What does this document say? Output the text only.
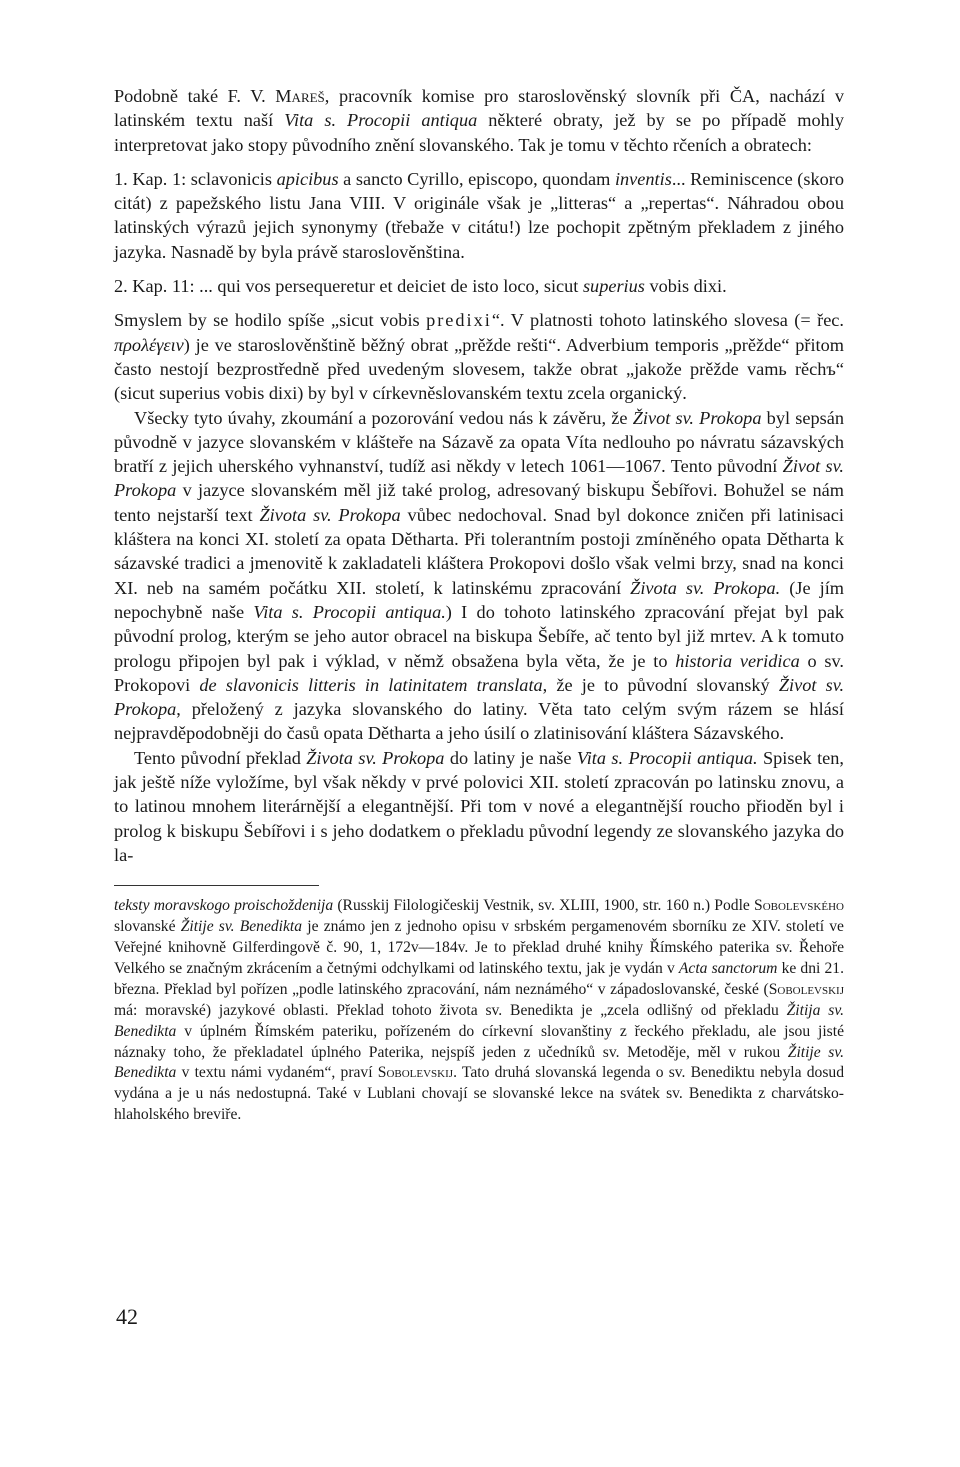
Podobně také F. V. Mareš, pracovník komise pro staroslověnský slovník při ČA, nachází v latinském textu naší Vita s. Procopii antiqua některé obraty, jež by se po případě mohly interpretovat jako stopy původního znění slovanského. Tak je tomu v těchto rčeních a obratech:

1. Kap. 1: sclavonicis apicibus a sancto Cyrillo, episcopo, quondam inventis... Reminiscence (skoro citát) z papežského listu Jana VIII. V originále však je „litteras“ a „repertas“. Náhradou obou latinských výrazů jejich synonymy (třebaže v citátu!) lze pochopit zpětným překladem z jiného jazyka. Nasnadě by byla právě staroslověnština.

2. Kap. 11: ... qui vos persequeretur et deiciet de isto loco, sicut superius vobis dixi.

Smyslem by se hodilo spíše „sicut vobis predixi“. V platnosti tohoto latinského slovesa (= řec. προλέγειν) je ve staroslověnštině běžný obrat „prěžde rešti“. Adverbium temporis „prěžde“ přitom často nestojí bezprostředně před uvedeným slovesem, takže obrat „jakože prěžde vamь rěchъ“ (sicut superius vobis dixi) by byl v církevněslovanském textu zcela organický.

Všecky tyto úvahy, zkoumání a pozorování vedou nás k závěru, že Život sv. Prokopa byl sepsán původně v jazyce slovanském v klášteře na Sázavě za opata Víta nedlouho po návratu sázavských bratří z jejich uherského vyhnanství, tudíž asi někdy v letech 1061—1067. Tento původní Život sv. Prokopa v jazyce slovanském měl již také prolog, adresovaný biskupu Šebířovi. Bohužel se nám tento nejstarší text Života sv. Prokopa vůbec nedochoval. Snad byl dokonce zničen při latinisaci kláštera na konci XI. století za opata Dětharta. Při tolerantním postoji zmíněného opata Dětharta k sázavské tradici a jmenovitě k zakladateli kláštera Prokopovi došlo však velmi brzy, snad na konci XI. neb na samém počátku XII. století, k latinskému zpracování Života sv. Prokopa. (Je jím nepochybně naše Vita s. Procopii antiqua.) I do tohoto latinského zpracování přejat byl pak původní prolog, kterým se jeho autor obracel na biskupa Šebíře, ač tento byl již mrtev. A k tomuto prologu připojen byl pak i výklad, v němž obsažena byla věta, že je to historia veridica o sv. Prokopovi de slavonicis litteris in latinitatem translata, že je to původní slovanský Život sv. Prokopa, přeložený z jazyka slovanského do latiny. Věta tato celým svým rázem se hlásí nejpravděpodobněji do časů opata Dětharta a jeho úsilí o zlatinisování kláštera Sázavského.

Tento původní překlad Života sv. Prokopa do latiny je naše Vita s. Procopii antiqua. Spisek ten, jak ještě níže vyložíme, byl však někdy v prvé polovici XII. století zpracován po latinsku znovu, a to latinou mnohem literárnější a elegantnější. Při tom v nové a elegantnější roucho přioděn byl i prolog k biskupu Šebířovi i s jeho dodatkem o překladu původní legendy ze slovanského jazyka do la-

teksty moravskogo proischoždenija (Russkij Filologičeskij Vestnik, sv. XLIII, 1900, str. 160 n.) Podle Sobolevského slovanské Žitije sv. Benedikta je známo jen z jednoho opisu v srbském pergamenovém sborníku ze XIV. století ve Veřejné knihovně Gilferdingově č. 90, 1, 172v—184v. Je to překlad druhé knihy Římského paterika sv. Řehoře Velkého se značným zkrácením a četnými odchylkami od latinského textu, jak je vydán v Acta sanctorum ke dni 21. března. Překlad byl pořízen „podle latinského zpracování, nám neznámého“ v západoslovanské, české (Sobolevskij má: moravské) jazykové oblasti. Překlad tohoto života sv. Benedikta je „zcela odlišný od překladu Žitija sv. Benedikta v úplném Římském pateriku, pořízeném do církevní slovanštiny z řeckého překladu, ale jsou jisté náznaky toho, že překladatel úplného Paterika, nejspíš jeden z učedníků sv. Metoděje, měl v rukou Žitije sv. Benedikta v textu námi vydaném“, praví Sobolevskij. Tato druhá slovanská legenda o sv. Benediktu nebyla dosud vydána a je u nás nedostupná. Také v Lublani chovají se slovanské lekce na svátek sv. Benedikta z charvátsko-hlaholského breviře.

42
